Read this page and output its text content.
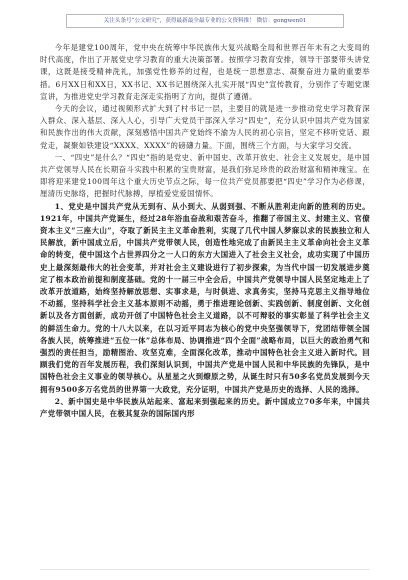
关注头条号“公文研究”，获得最新最全最专业的公文资料推！ 微信：gongwen01

今年是建党100周年，党中央在统筹中华民族伟大复兴战略全局和世界百年未有之大变局的时代高度，作出了开展党史学习教育的重大决策部署。按照学习教育安排，领导干部要带头讲党课，这既是接受精神洗礼，加强党性修养的过程，也是统一思想意志、凝聚奋进力量的重要举措。6月XX日和XX日，XX书记、XX书记围绕深入扎实开展“四史”宣传教育，分别作了专题党课宣讲，为推进党史学习教育走深走实指明了方向，提供了遵循。

今天的会议，通过视频形式扩大到了村书记一层，主要目的就是进一步推动党史学习教育深入群众、深入基层、深入人心，引导广大党员干部深入学习“四史”，充分认识中国共产党为国家和民族作出的伟大贡献，深刻感悟中国共产党始终不渝为人民的初心宗旨，坚定不移听党话、跟党走，凝聚如铁建设“XXXX、XXXX”的磅礴力量。下面，围绕三个方面，与大家学习交流。

一、“四史”是什么？“四史”指的是党史、新中国史、改革开放史、社会主义发展史，是中国共产党领导人民在长期奋斗实践中积累的宝贵财富，是我们弥足珍贵的政治财富和精神瑰宝。在即将迎来建党100周年这个重大历史节点之际，每一位共产党员都要把“四史”学习作为必修课，厘清历史脉络，把握时代脉搏，厚植爱党爱国情怀。

1、党史是中国共产党从无到有、从小到大、从弱到强、不断从胜利走向新的胜利的历史。1921年，中国共产党诞生，经过28年浴血奋战和艰苦奋斗，推翻了帝国主义、封建主义、官僚资本主义“三座大山”，夺取了新民主主义革命胜利，实现了几代中国人梦寐以求的民族独立和人民解放，新中国成立后，中国共产党带领人民，创造性地完成了由新民主主义革命向社会主义革命的转变，使中国这个占世界四分之一人口的东方大国进入了社会主义社会，成功实现了中国历史上最深刻最伟大的社会变革，并对社会主义建设进行了初步探索，为当代中国一切发展进步奠定了根本政治前提和制度基础。党的十一届三中全会后，中国共产党领导中国人民坚定地走上了改革开放道路，始终坚持解放思想、实事求是，与时俱进、求真务实，坚持马克思主义指导地位不动摇，坚持科学社会主义基本原则不动摇，勇于推进理论创新、实践创新、制度创新、文化创新以及各方面创新，成功开创了中国特色社会主义道路，以不可辩驳的事实彰显了科学社会主义的鲜活生命力。党的十八大以来，在以习近平同志为核心的党中央坚强领导下，党团结带领全国各族人民，统筹推进“五位一体”总体布局、协调推进“四个全面”战略布局，以巨大的政治勇气和强烈的责任担当，励精图治、攻坚克难，全面深化改革，推动中国特色社会主义进入新时代。回顾我们党的百年发展历程，我们深刻认识到，中国共产党是中国人民和中华民族的先锋队，是中国特色社会主义事业的领导核心。从星星之火到燎原之势，从诞生时只有50多名党员发展到今天拥有9500多万名党员的世界第一大政党，充分证明，中国共产党是历史的选择、人民的选择。

2、新中国史是中华民族从站起来、富起来到强起来的历史。新中国成立70多年来，中国共产党带领中国人民，在极其复杂的国际国内形
